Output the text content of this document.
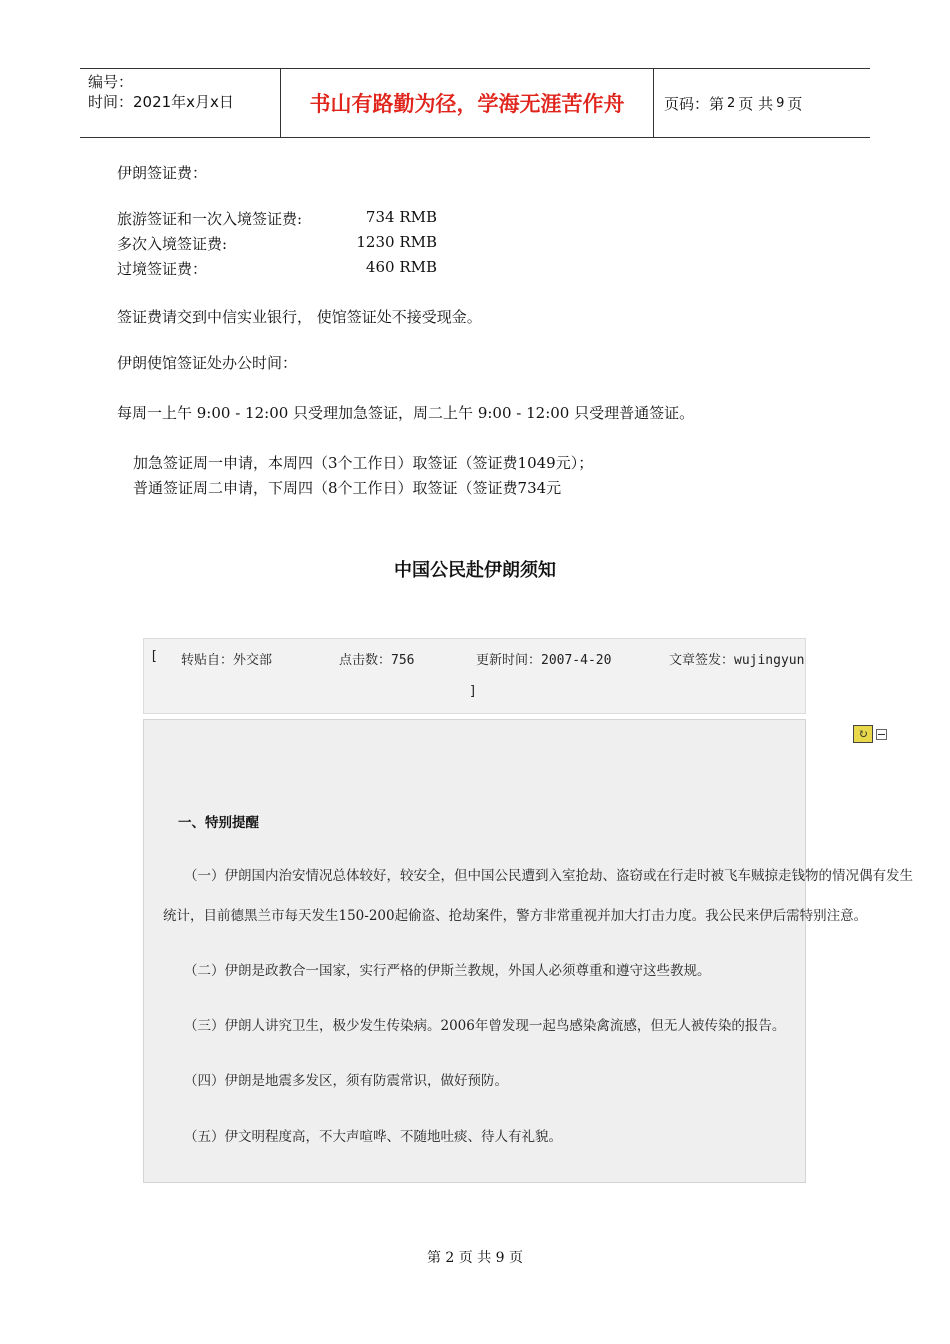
编号：
时间：2021年x月x日	书山有路勤为径，学海无涯苦作舟	页码：第 2 页 共 9 页
伊朗签证费：
旅游签证和一次入境签证费:	734 RMB
多次入境签证费:	1230 RMB
过境签证费：	460 RMB
签证费请交到中信实业银行， 使馆签证处不接受现金。
伊朗使馆签证处办公时间：
每周一上午 9:00 - 12:00 只受理加急签证，周二上午 9:00 - 12:00 只受理普通签证。
加急签证周一申请，本周四（3个工作日）取签证（签证费1049元）；
普通签证周二申请，下周四（8个工作日）取签证（签证费734元
中国公民赴伊朗须知
[ 转贴自：外交部	点击数：756	更新时间：2007-4-20	文章签发：wujingyun
]
↻
一、特别提醒
（一）伊朗国内治安情况总体较好，较安全，但中国公民遭到入室抢劫、盗窃或在行走时被飞车贼掠走钱物的情况偶有发生
统计，目前德黑兰市每天发生150-200起偷盗、抢劫案件，警方非常重视并加大打击力度。我公民来伊后需特别注意。
（二）伊朗是政教合一国家，实行严格的伊斯兰教规，外国人必须尊重和遵守这些教规。
（三）伊朗人讲究卫生，极少发生传染病。2006年曾发现一起鸟感染禽流感，但无人被传染的报告。
（四）伊朗是地震多发区，须有防震常识，做好预防。
（五）伊文明程度高，不大声喧哗、不随地吐痰、待人有礼貌。
第 2 页 共 9 页
